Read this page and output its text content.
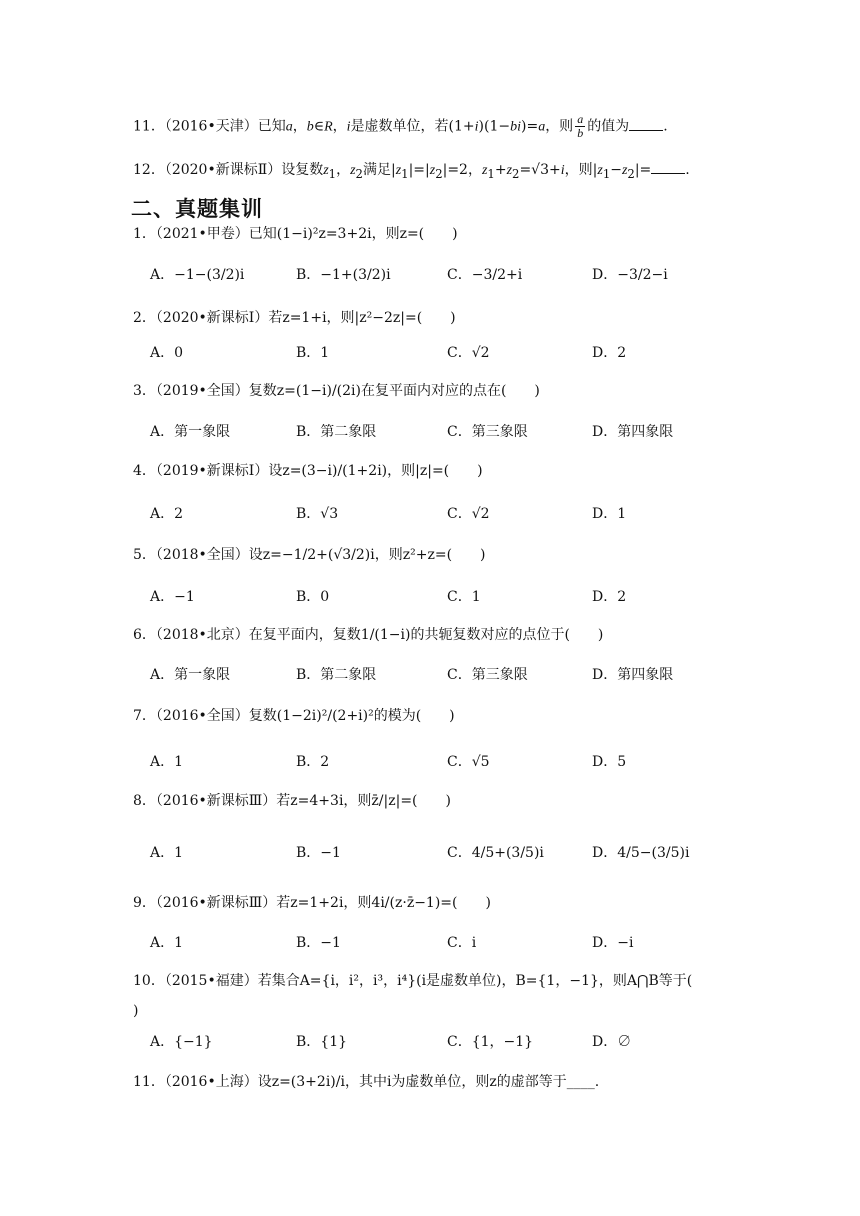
11．（2016•天津）已知a，b∈R，i是虚数单位，若(1+i)(1−bi)=a，则 $\frac{a}{b}$ 的值为 .
12．（2020•新课标Ⅱ）设复数$z_1$，$z_2$满足$|z_1|=|z_2|=2$，$z_1+z_2=√3+i$，则$|z_1-z_2|=$ .
二、真题集训
1．（2021•甲卷）已知(1−i)²z=3+2i，则z=(　　)
A．−1−(3/2)i	B．−1+(3/2)i	C．−3/2+i	D．−3/2−i
2．（2020•新课标Ⅰ）若z=1+i，则|z²−2z|=(　　)
A．0	B．1	C．√2	D．2
3．（2019•全国）复数z=(1−i)/(2i)在复平面内对应的点在(　　)
A．第一象限	B．第二象限	C．第三象限	D．第四象限
4．（2019•新课标Ⅰ）设z=(3−i)/(1+2i)，则|z|=(　　)
A．2	B．√3	C．√2	D．1
5．（2018•全国）设z=−1/2+(√3/2)i，则z²+z=(　　)
A．−1	B．0	C．1	D．2
6．（2018•北京）在复平面内，复数1/(1−i)的共轭复数对应的点位于(　　)
A．第一象限	B．第二象限	C．第三象限	D．第四象限
7．（2016•全国）复数(1−2i)²/(2+i)²的模为(　　)
A．1	B．2	C．√5	D．5
8．（2016•新课标Ⅲ）若z=4+3i，则z̄/|z|=(　　)
A．1	B．−1	C．4/5+(3/5)i	D．4/5−(3/5)i
9．（2016•新课标Ⅲ）若z=1+2i，则4i/(z·z̄−1)=(　　)
A．1	B．−1	C．i	D．−i
10．（2015•福建）若集合A={i，i²，i³，i⁴}(i是虚数单位)，B={1，−1}，则A⋂B等于(
)
A．{−1}	B．{1}	C．{1，−1}	D．∅
11．（2016•上海）设z=(3+2i)/i，其中i为虚数单位，则z的虚部等于____.
